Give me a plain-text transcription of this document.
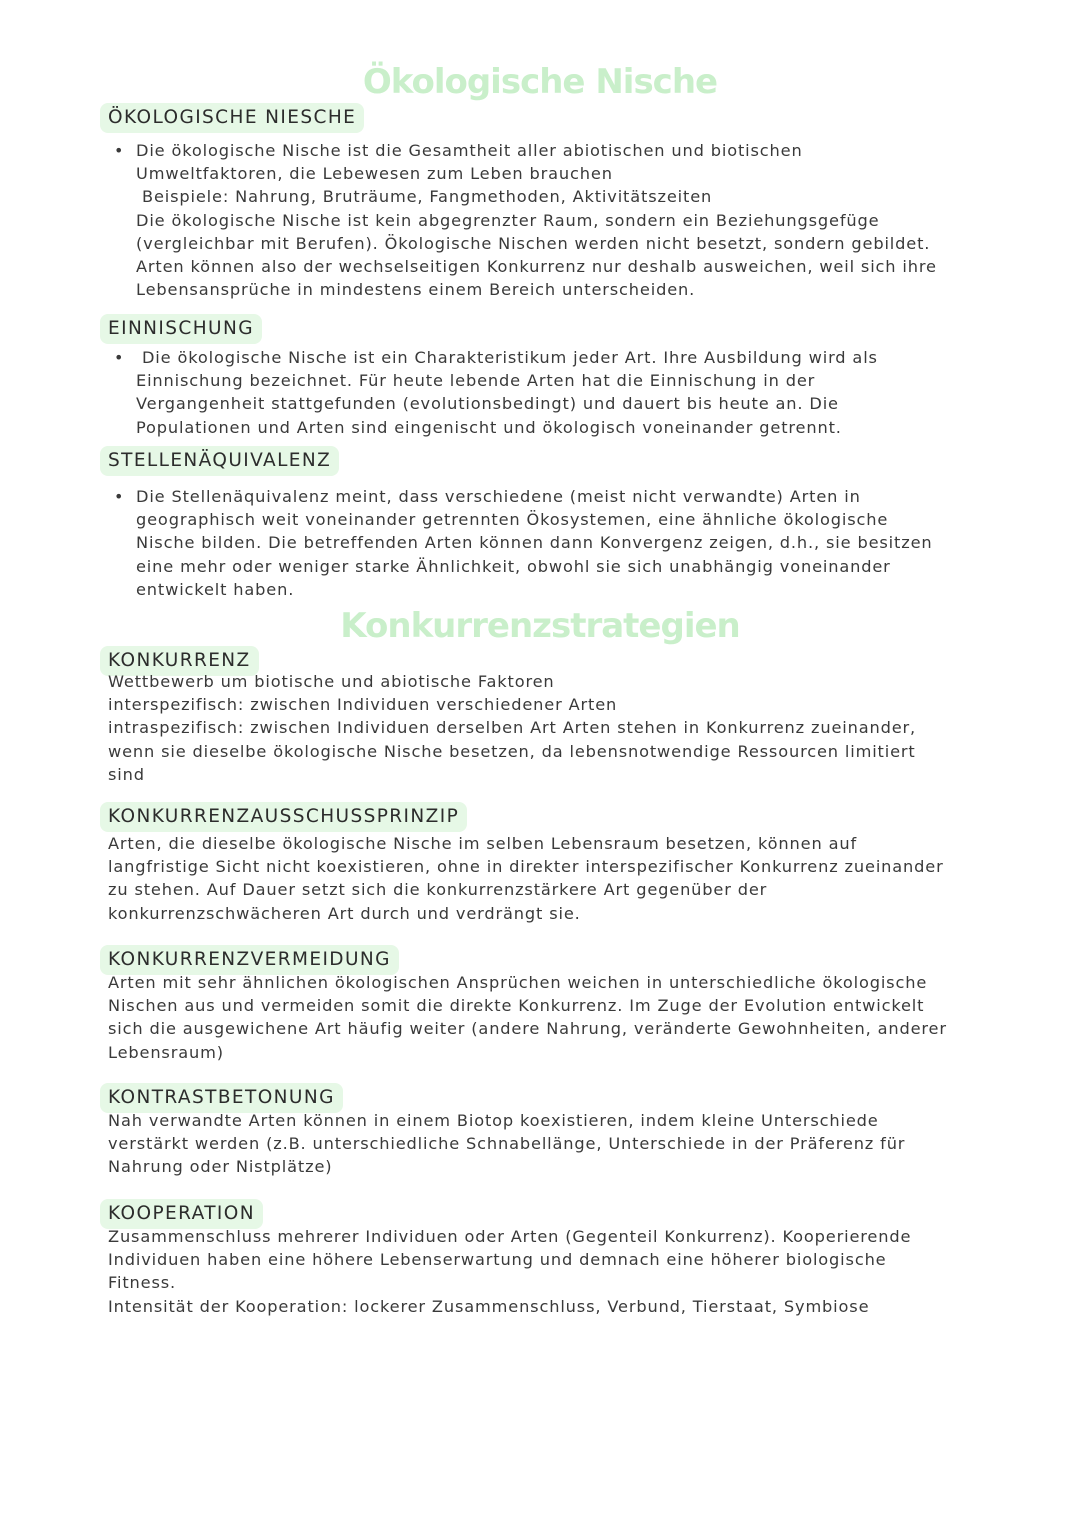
Ökologische Nische
ÖKOLOGISCHE NIESCHE
• Die ökologische Nische ist die Gesamtheit aller abiotischen und biotischen
Umweltfaktoren, die Lebewesen zum Leben brauchen
Beispiele: Nahrung, Bruträume, Fangmethoden, Aktivitätszeiten
Die ökologische Nische ist kein abgegrenzter Raum, sondern ein Beziehungsgefüge
(vergleichbar mit Berufen). Ökologische Nischen werden nicht besetzt, sondern gebildet.
Arten können also der wechselseitigen Konkurrenz nur deshalb ausweichen, weil sich ihre
Lebensansprüche in mindestens einem Bereich unterscheiden.
EINNISCHUNG
• Die ökologische Nische ist ein Charakteristikum jeder Art. Ihre Ausbildung wird als
Einnischung bezeichnet. Für heute lebende Arten hat die Einnischung in der
Vergangenheit stattgefunden (evolutionsbedingt) und dauert bis heute an. Die
Populationen und Arten sind eingenischt und ökologisch voneinander getrennt.
STELLENÄQUIVALENZ
• Die Stellenäquivalenz meint, dass verschiedene (meist nicht verwandte) Arten in
geographisch weit voneinander getrennten Ökosystemen, eine ähnliche ökologische
Nische bilden. Die betreffenden Arten können dann Konvergenz zeigen, d.h., sie besitzen
eine mehr oder weniger starke Ähnlichkeit, obwohl sie sich unabhängig voneinander
entwickelt haben.
Konkurrenzstrategien
KONKURRENZ
Wettbewerb um biotische und abiotische Faktoren
interspezifisch: zwischen Individuen verschiedener Arten
intraspezifisch: zwischen Individuen derselben Art Arten stehen in Konkurrenz zueinander,
wenn sie dieselbe ökologische Nische besetzen, da lebensnotwendige Ressourcen limitiert
sind
KONKURRENZAUSSCHUSSPRINZIP
Arten, die dieselbe ökologische Nische im selben Lebensraum besetzen, können auf
langfristige Sicht nicht koexistieren, ohne in direkter interspezifischer Konkurrenz zueinander
zu stehen. Auf Dauer setzt sich die konkurrenzstärkere Art gegenüber der
konkurrenzschwächeren Art durch und verdrängt sie.
KONKURRENZVERMEIDUNG
Arten mit sehr ähnlichen ökologischen Ansprüchen weichen in unterschiedliche ökologische
Nischen aus und vermeiden somit die direkte Konkurrenz. Im Zuge der Evolution entwickelt
sich die ausgewichene Art häufig weiter (andere Nahrung, veränderte Gewohnheiten, anderer
Lebensraum)
KONTRASTBETONUNG
Nah verwandte Arten können in einem Biotop koexistieren, indem kleine Unterschiede
verstärkt werden (z.B. unterschiedliche Schnabellänge, Unterschiede in der Präferenz für
Nahrung oder Nistplätze)
KOOPERATION
Zusammenschluss mehrerer Individuen oder Arten (Gegenteil Konkurrenz). Kooperierende
Individuen haben eine höhere Lebenserwartung und demnach eine höherer biologische
Fitness.
Intensität der Kooperation: lockerer Zusammenschluss, Verbund, Tierstaat, Symbiose
